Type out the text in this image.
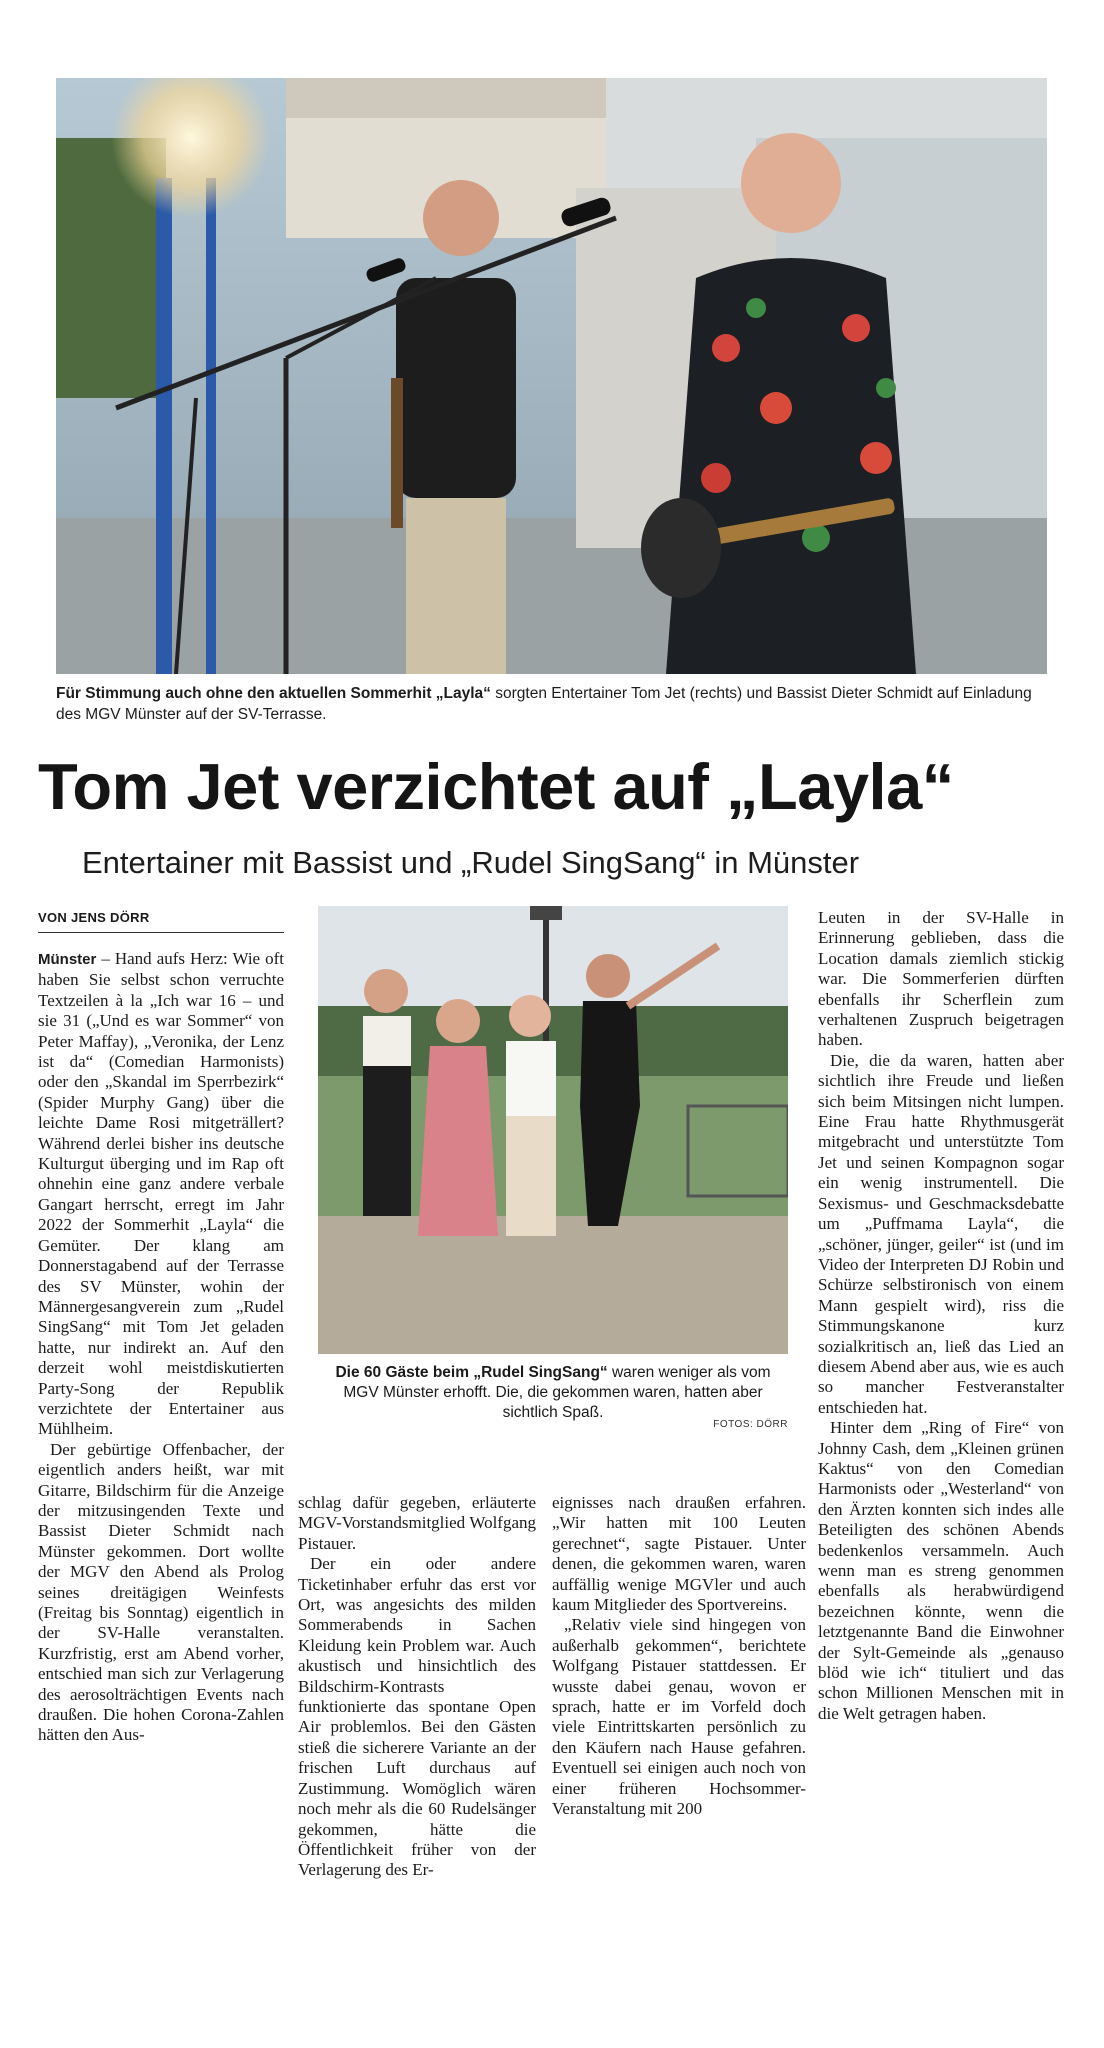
Für Stimmung auch ohne den aktuellen Sommerhit „Layla“ sorgten Entertainer Tom Jet (rechts) und Bassist Dieter Schmidt auf Einladung des MGV Münster auf der SV-Terrasse.
Tom Jet verzichtet auf „Layla“
Entertainer mit Bassist und „Rudel SingSang“ in Münster
VON JENS DÖRR

Münster – Hand aufs Herz: Wie oft haben Sie selbst schon verruchte Textzeilen à la „Ich war 16 – und sie 31 („Und es war Sommer“ von Peter Maffay), „Veronika, der Lenz ist da“ (Comedian Harmonists) oder den „Skandal im Sperrbezirk“ (Spider Murphy Gang) über die leichte Dame Rosi mitgeträllert? Während derlei bisher ins deutsche Kulturgut überging und im Rap oft ohnehin eine ganz andere verbale Gangart herrscht, erregt im Jahr 2022 der Sommerhit „Layla“ die Gemüter. Der klang am Donnerstagabend auf der Terrasse des SV Münster, wohin der Männergesangverein zum „Rudel SingSang“ mit Tom Jet geladen hatte, nur indirekt an. Auf den derzeit wohl meistdiskutierten Party-Song der Republik verzichtete der Entertainer aus Mühlheim.

Der gebürtige Offenbacher, der eigentlich anders heißt, war mit Gitarre, Bildschirm für die Anzeige der mitzusingenden Texte und Bassist Dieter Schmidt nach Münster gekommen. Dort wollte der MGV den Abend als Prolog seines dreitägigen Weinfests (Freitag bis Sonntag) eigentlich in der SV-Halle veranstalten. Kurzfristig, erst am Abend vorher, entschied man sich zur Verlagerung des aerosolträchtigen Events nach draußen. Die hohen Corona-Zahlen hätten den Aus-

Die 60 Gäste beim „Rudel SingSang“ waren weniger als vom MGV Münster erhofft. Die, die gekommen waren, hatten aber sichtlich Spaß.
FOTOS: DÖRR

schlag dafür gegeben, erläuterte MGV-Vorstandsmitglied Wolfgang Pistauer.

Der ein oder andere Ticketinhaber erfuhr das erst vor Ort, was angesichts des milden Sommerabends in Sachen Kleidung kein Problem war. Auch akustisch und hinsichtlich des Bildschirm-Kontrasts funktionierte das spontane Open Air problemlos. Bei den Gästen stieß die sicherere Variante an der frischen Luft durchaus auf Zustimmung. Womöglich wären noch mehr als die 60 Rudelsänger gekommen, hätte die Öffentlichkeit früher von der Verlagerung des Er-

eignisses nach draußen erfahren. „Wir hatten mit 100 Leuten gerechnet“, sagte Pistauer. Unter denen, die gekommen waren, waren auffällig wenige MGVler und auch kaum Mitglieder des Sportvereins.

„Relativ viele sind hingegen von außerhalb gekommen“, berichtete Wolfgang Pistauer stattdessen. Er wusste dabei genau, wovon er sprach, hatte er im Vorfeld doch viele Eintrittskarten persönlich zu den Käufern nach Hause gefahren. Eventuell sei einigen auch noch von einer früheren Hochsommer-Veranstaltung mit 200

Leuten in der SV-Halle in Erinnerung geblieben, dass die Location damals ziemlich stickig war. Die Sommerferien dürften ebenfalls ihr Scherflein zum verhaltenen Zuspruch beigetragen haben.

Die, die da waren, hatten aber sichtlich ihre Freude und ließen sich beim Mitsingen nicht lumpen. Eine Frau hatte Rhythmusgerät mitgebracht und unterstützte Tom Jet und seinen Kompagnon sogar ein wenig instrumentell. Die Sexismus- und Geschmacksdebatte um „Puffmama Layla“, die „schöner, jünger, geiler“ ist (und im Video der Interpreten DJ Robin und Schürze selbstironisch von einem Mann gespielt wird), riss die Stimmungskanone kurz sozialkritisch an, ließ das Lied an diesem Abend aber aus, wie es auch so mancher Festveranstalter entschieden hat.

Hinter dem „Ring of Fire“ von Johnny Cash, dem „Kleinen grünen Kaktus“ von den Comedian Harmonists oder „Westerland“ von den Ärzten konnten sich indes alle Beteiligten des schönen Abends bedenkenlos versammeln. Auch wenn man es streng genommen ebenfalls als herabwürdigend bezeichnen könnte, wenn die letztgenannte Band die Einwohner der Sylt-Gemeinde als „genauso blöd wie ich“ tituliert und das schon Millionen Menschen mit in die Welt getragen haben.
